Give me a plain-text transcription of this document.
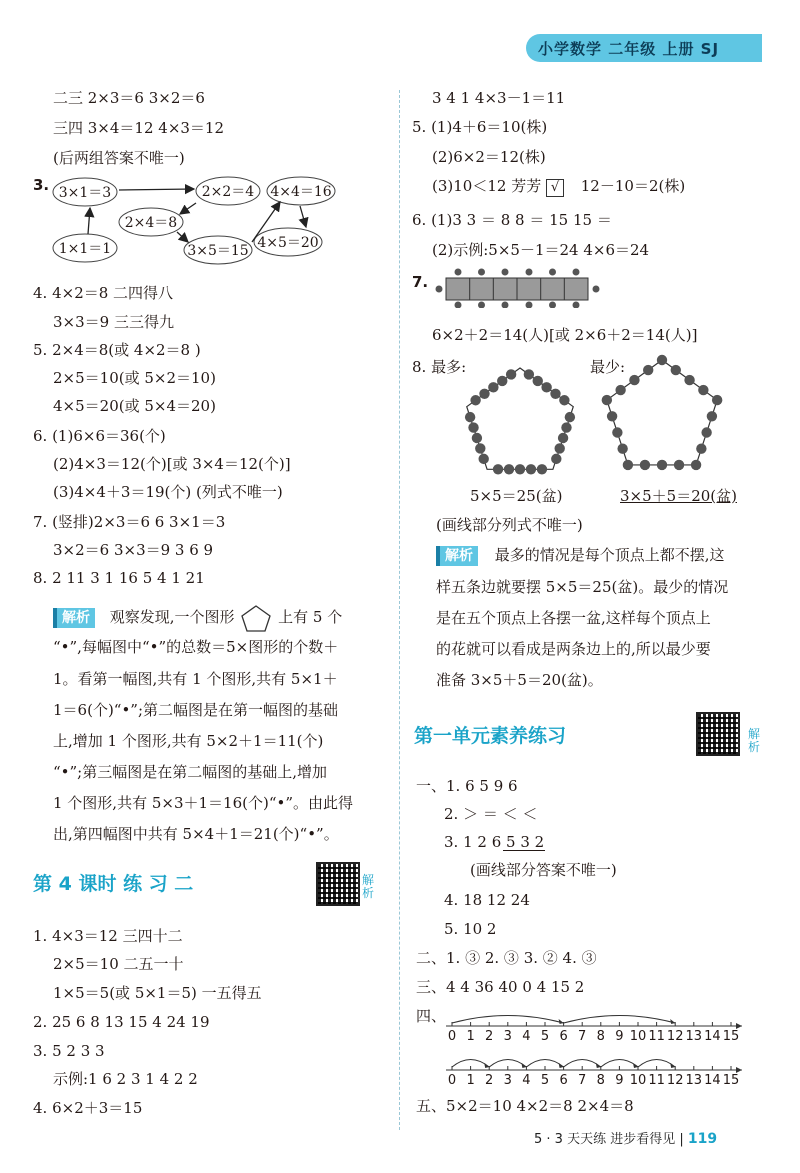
小学数学 二年级 上册 SJ
二三 2×3＝6 3×2＝6
三四 3×4＝12 4×3＝12
(后两组答案不唯一)
3. 3×1＝3	2×2＝4 4×4＝16
2×4＝8
1×1＝1	3×5＝15 4×5＝20
4. 4×2＝8 二四得八
3×3＝9 三三得九
5. 2×4＝8(或 4×2＝8 )
2×5＝10(或 5×2＝10)
4×5＝20(或 5×4＝20)
6. (1)6×6＝36(个)
(2)4×3＝12(个)[或 3×4＝12(个)]
(3)4×4＋3＝19(个) (列式不唯一)
7. (竖排)2×3＝6 6 3×1＝3
3×2＝6 3×3＝9 3 6 9
8. 2 11 3 1 16 5 4 1 21
解析 观察发现,一个图形	上有 5 个
“•”,每幅图中“•”的总数＝5×图形的个数＋
1。看第一幅图,共有 1 个图形,共有 5×1＋
1＝6(个)“•”;第二幅图是在第一幅图的基础
上,增加 1 个图形,共有 5×2＋1＝11(个)
“•”;第三幅图是在第二幅图的基础上,增加
1 个图形,共有 5×3＋1＝16(个)“•”。由此得
出,第四幅图中共有 5×4＋1＝21(个)“•”。
第 4 课时 练 习 二	解析
1. 4×3＝12 三四十二
2×5＝10 二五一十
1×5＝5(或 5×1＝5) 一五得五
2. 25 6 8 13 15 4 24 19
3. 5 2 3 3
示例:1 6 2 3 1 4 2 2
4. 6×2＋3＝15
3 4 1 4×3－1＝11
5. (1)4＋6＝10(株)
(2)6×2＝12(株)
(3)10＜12 芳芳 √ 12－10＝2(株)
6. (1)3 3 ＝ 8 8 ＝ 15 15 ＝
(2)示例:5×5－1＝24 4×6＝24
7.
6×2＋2＝14(人)[或 2×6＋2＝14(人)]
8. 最多:	最少:
5×5＝25(盆)	3×5＋5＝20(盆)
(画线部分列式不唯一)
解析 最多的情况是每个顶点上都不摆,这
样五条边就要摆 5×5＝25(盆)。最少的情况
是在五个顶点上各摆一盆,这样每个顶点上
的花就可以看成是两条边上的,所以最少要
准备 3×5＋5＝20(盆)。
第一单元素养练习	解析
一、1. 6 5 9 6
2. ＞ ＝ ＜ ＜
3. 1 2 6 5 3 2
(画线部分答案不唯一)
4. 18 12 24
5. 10 2
二、1. ③ 2. ③ 3. ② 4. ③
三、4 4 36 40 0 4 15 2
四、
0 1 2 3 4 5 6 7 8 9 10 11 12 13 14 15
0 1 2 3 4 5 6 7 8 9 10 11 12 13 14 15
五、5×2＝10 4×2＝8 2×4＝8
5 · 3 天天练 进步看得见 | 119
